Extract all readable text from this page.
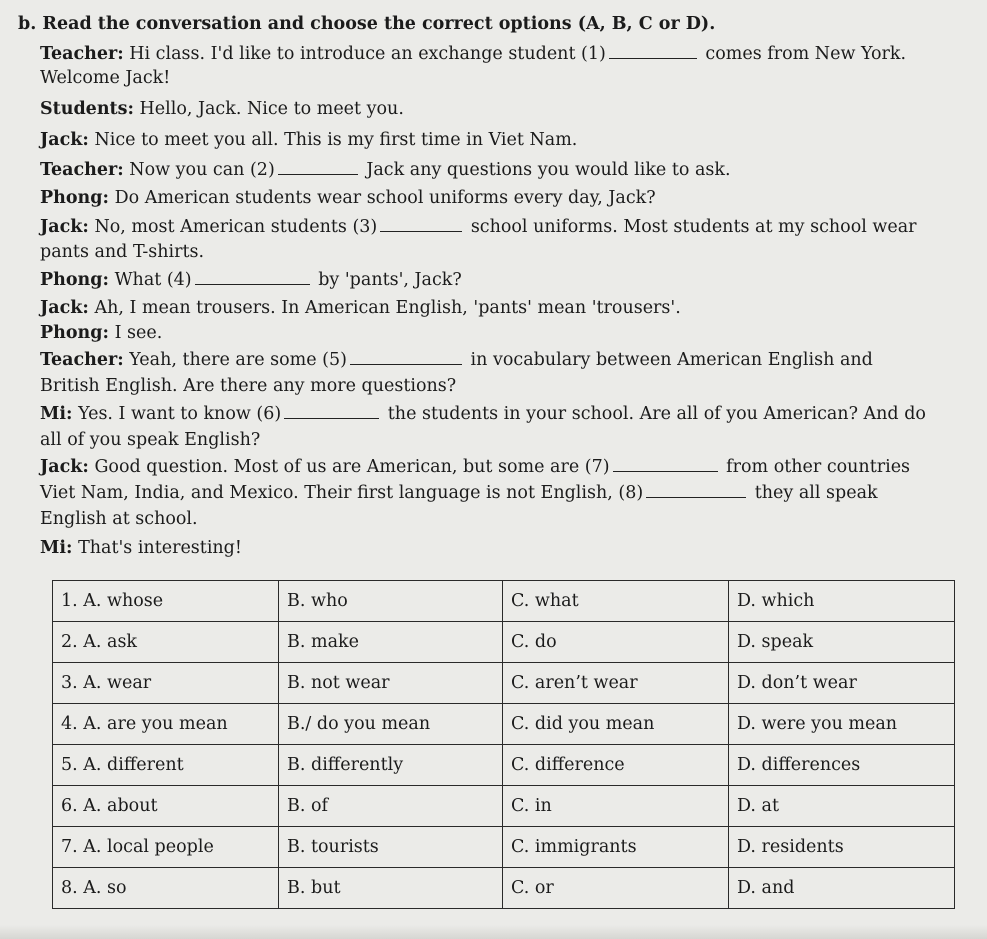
b. Read the conversation and choose the correct options (A, B, C or D).
Teacher: Hi class. I'd like to introduce an exchange student (1)	comes from New York.
Welcome Jack!
Students: Hello, Jack. Nice to meet you.
Jack: Nice to meet you all. This is my first time in Viet Nam.
Teacher: Now you can (2)	Jack any questions you would like to ask.
Phong: Do American students wear school uniforms every day, Jack?
Jack: No, most American students (3)	school uniforms. Most students at my school wear
pants and T-shirts.
Phong: What (4)	by 'pants', Jack?
Jack: Ah, I mean trousers. In American English, 'pants' mean 'trousers'.
Phong: I see.
Teacher: Yeah, there are some (5)	in vocabulary between American English and
British English. Are there any more questions?
Mi: Yes. I want to know (6)	the students in your school. Are all of you American? And do
all of you speak English?
Jack: Good question. Most of us are American, but some are (7)	from other countries
Viet Nam, India, and Mexico. Their first language is not English, (8)	they all speak
English at school.
Mi: That's interesting!
1. A. whose	B. who	C. what	D. which
2. A. ask	B. make	C. do	D. speak
3. A. wear	B. not wear	C. aren’t wear	D. don’t wear
4. A. are you mean	B./ do you mean	C. did you mean	D. were you mean
5. A. different	B. differently	C. difference	D. differences
6. A. about	B. of	C. in	D. at
7. A. local people	B. tourists	C. immigrants	D. residents
8. A. so	B. but	C. or	D. and
